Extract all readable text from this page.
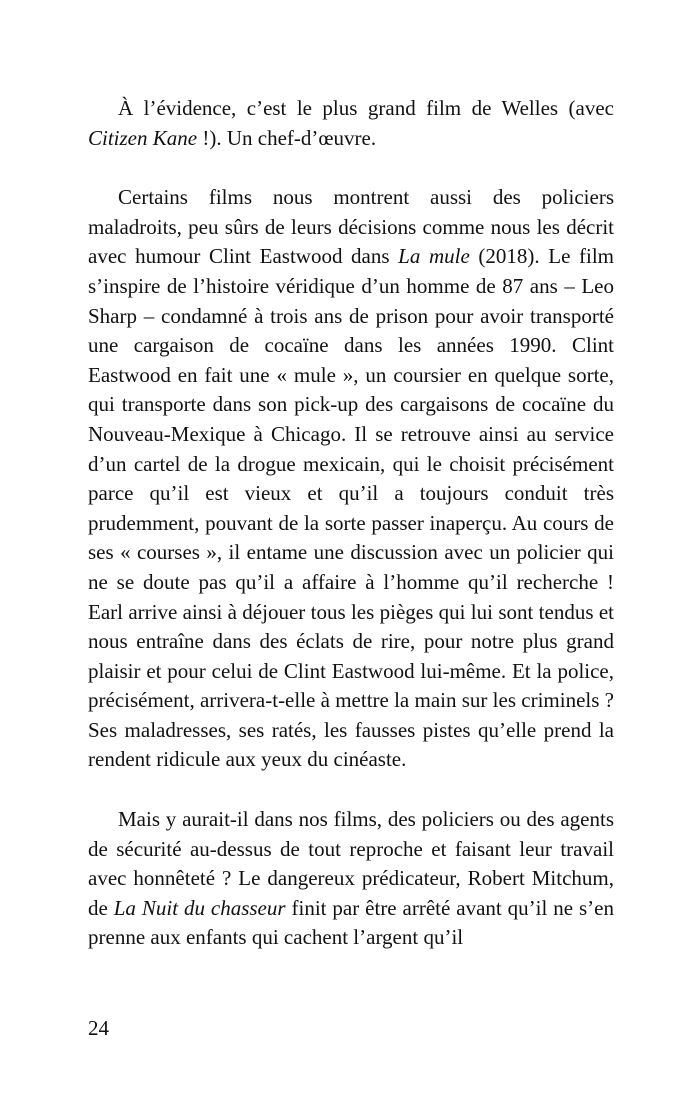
À l’évidence, c’est le plus grand film de Welles (avec Citizen Kane !). Un chef-d’œuvre.

Certains films nous montrent aussi des policiers maladroits, peu sûrs de leurs décisions comme nous les décrit avec humour Clint Eastwood dans La mule (2018). Le film s’inspire de l’histoire véridique d’un homme de 87 ans – Leo Sharp – condamné à trois ans de prison pour avoir transporté une cargaison de cocaïne dans les années 1990. Clint Eastwood en fait une « mule », un coursier en quelque sorte, qui transporte dans son pick-up des cargaisons de cocaïne du Nouveau-Mexique à Chicago. Il se retrouve ainsi au service d’un cartel de la drogue mexicain, qui le choisit précisément parce qu’il est vieux et qu’il a toujours conduit très prudemment, pouvant de la sorte passer inaperçu. Au cours de ses « courses », il entame une discussion avec un policier qui ne se doute pas qu’il a affaire à l’homme qu’il recherche ! Earl arrive ainsi à déjouer tous les pièges qui lui sont tendus et nous entraîne dans des éclats de rire, pour notre plus grand plaisir et pour celui de Clint Eastwood lui-même. Et la police, précisément, arrivera-t-elle à mettre la main sur les criminels ? Ses maladresses, ses ratés, les fausses pistes qu’elle prend la rendent ridicule aux yeux du cinéaste.

Mais y aurait-il dans nos films, des policiers ou des agents de sécurité au-dessus de tout reproche et faisant leur travail avec honnêteté ? Le dangereux prédicateur, Robert Mitchum, de La Nuit du chasseur finit par être arrêté avant qu’il ne s’en prenne aux enfants qui cachent l’argent qu’il

24
